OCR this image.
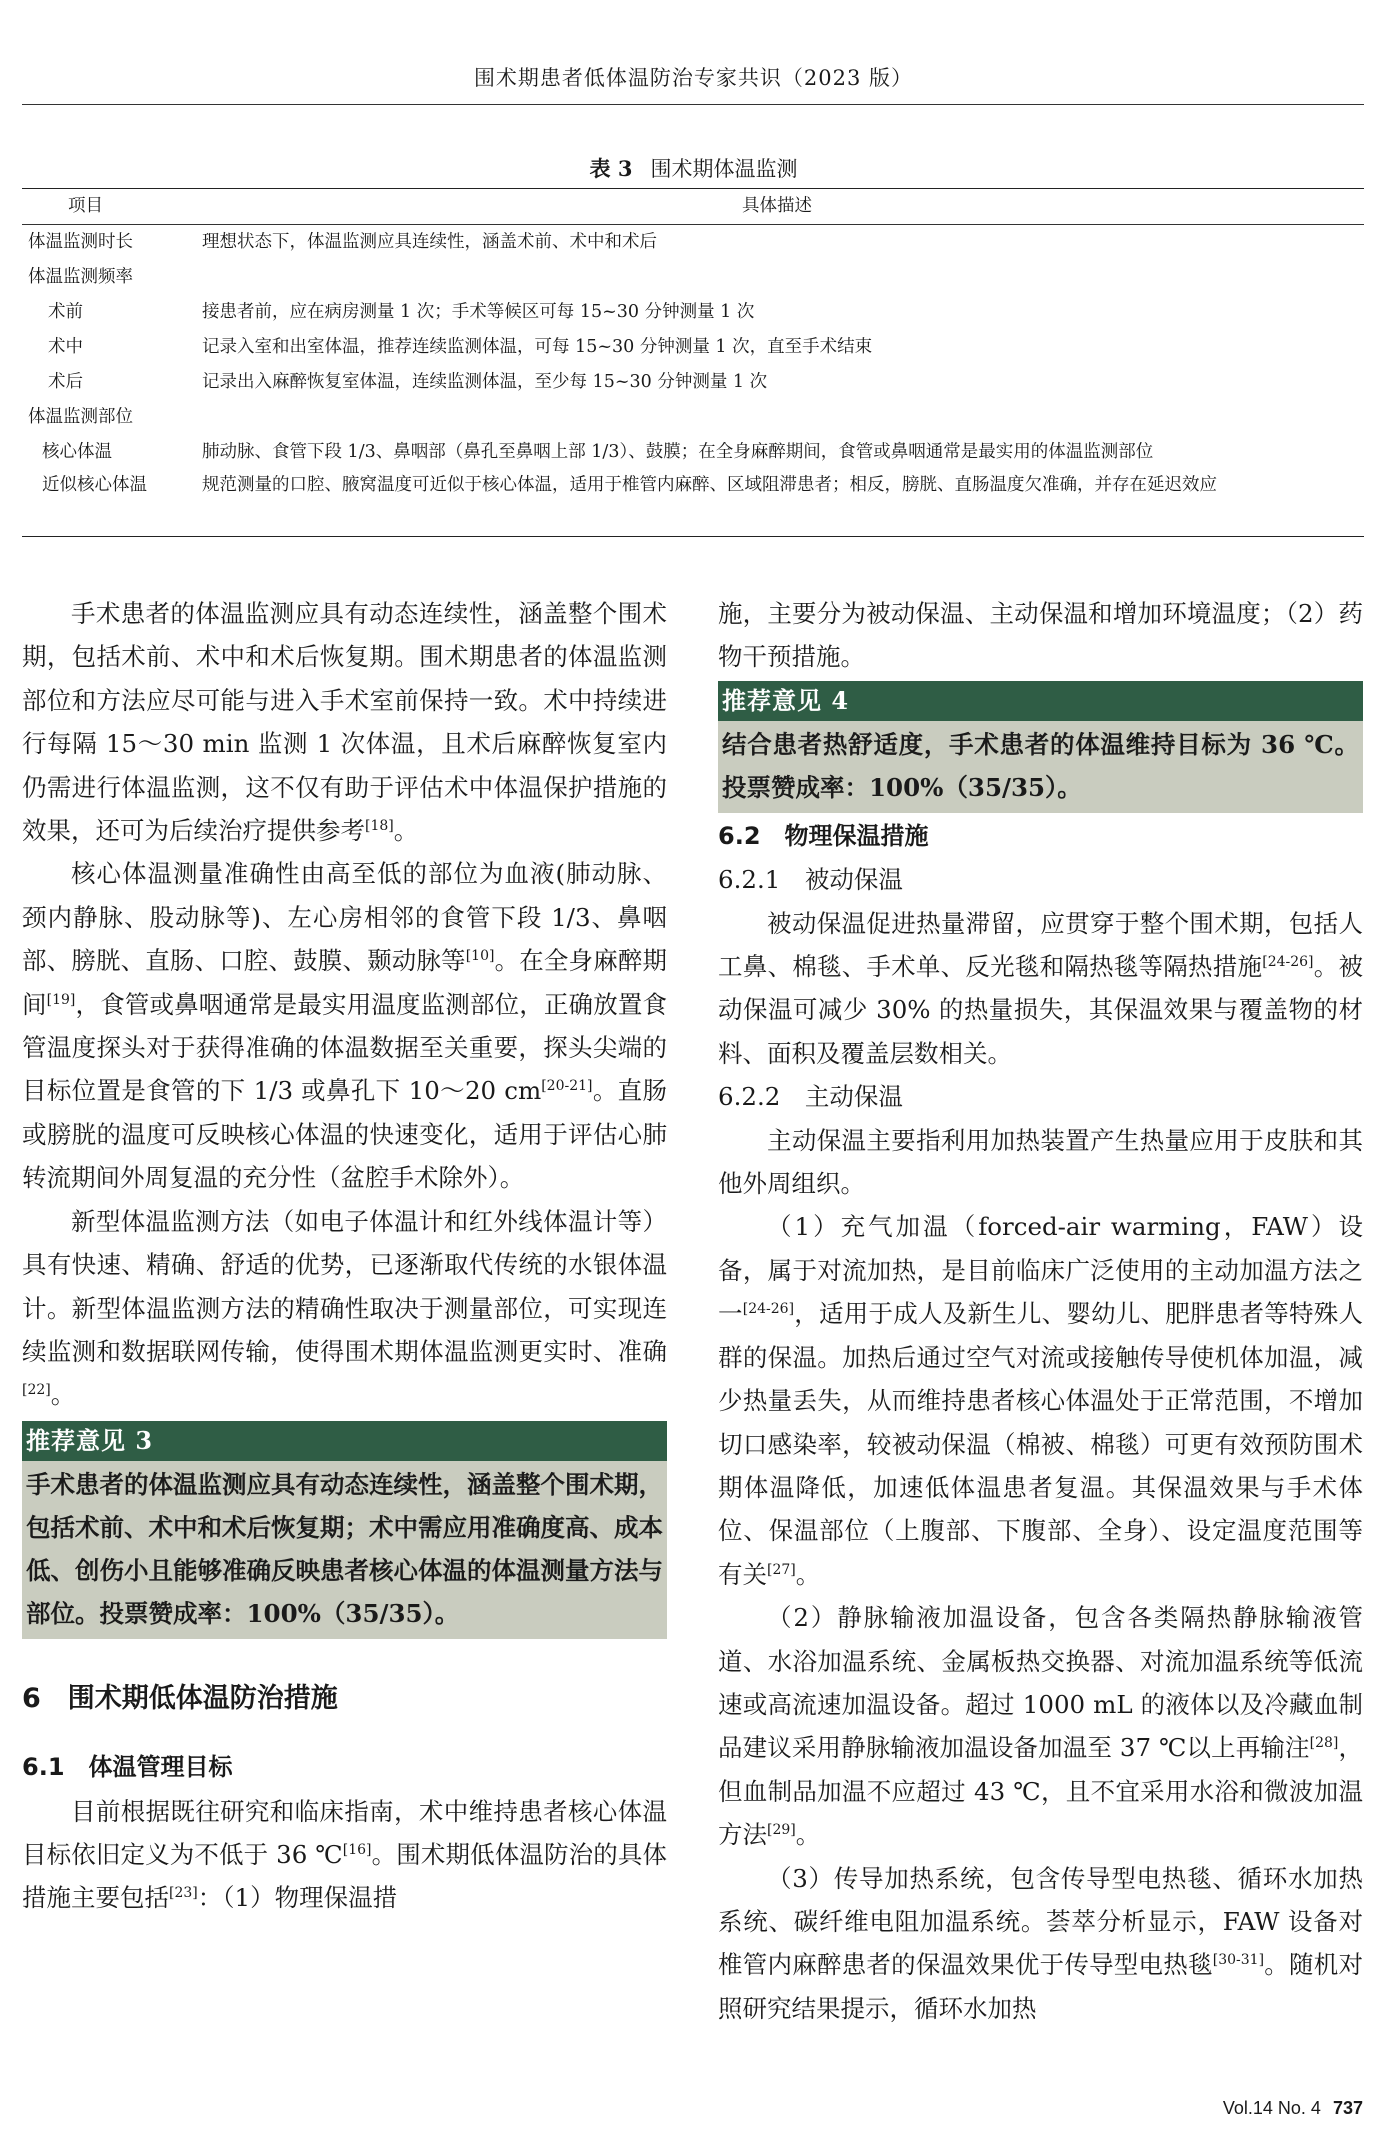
围术期患者低体温防治专家共识（2023 版）
表 3 围术期体温监测
项目	具体描述
体温监测时长	理想状态下，体温监测应具连续性，涵盖术前、术中和术后
体温监测频率
术前	接患者前，应在病房测量 1 次；手术等候区可每 15~30 分钟测量 1 次
术中	记录入室和出室体温，推荐连续监测体温，可每 15~30 分钟测量 1 次，直至手术结束
术后	记录出入麻醉恢复室体温，连续监测体温，至少每 15~30 分钟测量 1 次
体温监测部位
核心体温	肺动脉、食管下段 1/3、鼻咽部（鼻孔至鼻咽上部 1/3）、鼓膜；在全身麻醉期间，食管或鼻咽通常是最实用的体温监测部位
近似核心体温	规范测量的口腔、腋窝温度可近似于核心体温，适用于椎管内麻醉、区域阻滞患者；相反，膀胱、直肠温度欠准确，并存在延迟效应

手术患者的体温监测应具有动态连续性，涵盖整个围术期，包括术前、术中和术后恢复期。围术期患者的体温监测部位和方法应尽可能与进入手术室前保持一致。术中持续进行每隔 15～30 min 监测 1 次体温，且术后麻醉恢复室内仍需进行体温监测，这不仅有助于评估术中体温保护措施的效果，还可为后续治疗提供参考[18]。

核心体温测量准确性由高至低的部位为血液(肺动脉、颈内静脉、股动脉等)、左心房相邻的食管下段 1/3、鼻咽部、膀胱、直肠、口腔、鼓膜、颞动脉等[10]。在全身麻醉期间[19]，食管或鼻咽通常是最实用温度监测部位，正确放置食管温度探头对于获得准确的体温数据至关重要，探头尖端的目标位置是食管的下 1/3 或鼻孔下 10～20 cm[20-21]。直肠或膀胱的温度可反映核心体温的快速变化，适用于评估心肺转流期间外周复温的充分性（盆腔手术除外）。

新型体温监测方法（如电子体温计和红外线体温计等）具有快速、精确、舒适的优势，已逐渐取代传统的水银体温计。新型体温监测方法的精确性取决于测量部位，可实现连续监测和数据联网传输，使得围术期体温监测更实时、准确[22]。

推荐意见 3
手术患者的体温监测应具有动态连续性，涵盖整个围术期，包括术前、术中和术后恢复期；术中需应用准确度高、成本低、创伤小且能够准确反映患者核心体温的体温测量方法与部位。投票赞成率：100%（35/35）。

6　围术期低体温防治措施

6.1　体温管理目标

目前根据既往研究和临床指南，术中维持患者核心体温目标依旧定义为不低于 36 ℃[16]。围术期低体温防治的具体措施主要包括[23]：（1）物理保温措

施，主要分为被动保温、主动保温和增加环境温度；（2）药物干预措施。

推荐意见 4
结合患者热舒适度，手术患者的体温维持目标为 36 ℃。投票赞成率：100%（35/35）。

6.2　物理保温措施

6.2.1　被动保温

被动保温促进热量滞留，应贯穿于整个围术期，包括人工鼻、棉毯、手术单、反光毯和隔热毯等隔热措施[24-26]。被动保温可减少 30% 的热量损失，其保温效果与覆盖物的材料、面积及覆盖层数相关。

6.2.2　主动保温

主动保温主要指利用加热装置产生热量应用于皮肤和其他外周组织。

（1）充气加温（forced-air warming，FAW）设备，属于对流加热，是目前临床广泛使用的主动加温方法之一[24-26]，适用于成人及新生儿、婴幼儿、肥胖患者等特殊人群的保温。加热后通过空气对流或接触传导使机体加温，减少热量丢失，从而维持患者核心体温处于正常范围，不增加切口感染率，较被动保温（棉被、棉毯）可更有效预防围术期体温降低，加速低体温患者复温。其保温效果与手术体位、保温部位（上腹部、下腹部、全身）、设定温度范围等有关[27]。

（2）静脉输液加温设备，包含各类隔热静脉输液管道、水浴加温系统、金属板热交换器、对流加温系统等低流速或高流速加温设备。超过 1000 mL 的液体以及冷藏血制品建议采用静脉输液加温设备加温至 37 ℃以上再输注[28]，但血制品加温不应超过 43 ℃，且不宜采用水浴和微波加温方法[29]。

（3）传导加热系统，包含传导型电热毯、循环水加热系统、碳纤维电阻加温系统。荟萃分析显示，FAW 设备对椎管内麻醉患者的保温效果优于传导型电热毯[30-31]。随机对照研究结果提示，循环水加热

Vol.14 No. 4 737
